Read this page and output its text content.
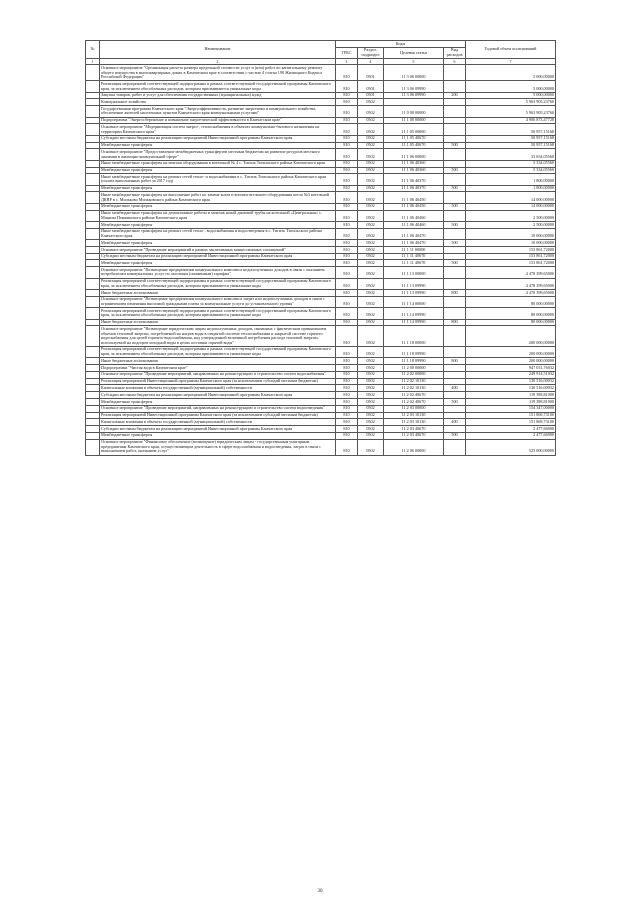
№	Наименование	Коды				Годовой объем ассигнований
		ГРБС	Раздел, подраздел	Целевая статья	Вид расходов	
1	2	3	4	5	6	7
	Основное мероприятие "Организация расчета размера предельной стоимости услуг и (или) работ по капитальному ремонту общего имущества в многоквартирных домах в Камчатском крае в соответствии с частью 4 статьи 190 Жилищного Кодекса Российской Федерации"	810	0501	11 3 06 00000		5 000,00000
	Реализация мероприятий соответствующей подпрограммы в рамках соответствующей государственной программы Камчатского края, за исключением обособленных расходов, которым присваиваются уникальные коды	810	0501	11 3 06 09990		5 000,00000
	Закупка товаров, работ и услуг для обеспечения государственных (муниципальных) нужд	810	0501	11 3 06 09990	200	5 000,00000
	Коммунальное хозяйство	810	0502			5 963 905,23760
	Государственная программа Камчатского края "Энергоэффективность, развитие энергетики и коммунального хозяйства, обеспечение жителей населенных пунктов Камчатского края коммунальными услугами"	810	0502	11 0 00 00000		5 963 905,23760
	Подпрограмма "Энергосбережение и повышение энергетической эффективности в Камчатском крае"	810	0502	11 1 00 00000		4 906 873,47728
	Основное мероприятие "Модернизация систем энерго-, теплоснабжения в объектах коммунально-бытового назначения на территории Камчатского края"	810	0502	11 1 05 00000		50 957,15168
	Субсидии местным бюджетам на реализацию мероприятий Инвестиционной программы Камчатского края	810	0502	11 1 05 40670		50 957,15168
	Межбюджетные трансферты	810	0502	11 1 05 40670	500	50 957,15168
	Основное мероприятие "Предоставление межбюджетных трансфертов местным бюджетам на развитие ресурсов местного значения в жилищно-коммунальной сфере"	810	0502	11 1 06 00000		33 654,05560
	Иные межбюджетные трансферты на монтаж оборудования в котельной № 4 с. Тигиль Тигильского района Камчатского края	810	0502	11 1 06 40360		5 334,05560
	Межбюджетные трансферты	810	0502	11 1 06 40360	500	5 334,05560
	Иные межбюджетные трансферты на ремонт сетей тепло- и водоснабжения в с. Тигиль Тигильского района Камчатского края (оплата выполненных работ за 2017 год)	810	0502	11 1 06 40370		1 800,00000
	Межбюджетные трансферты	810	0502	11 1 06 40370	500	1 800,00000
	Иные межбюджетные трансферты на выполнение работ по замене котла и вспомогательного оборудования котла №3 котельной ДКВР в с. Мильково Мильковского района Камчатского края	810	0502	11 1 06 40450		14 000,00000
	Межбюджетные трансферты	810	0502	11 1 06 40450	500	14 000,00000
	Иные межбюджетные трансферты на демонтажные работы и монтаж новой дымовой трубы на котельной «Центральная» с. Манилы Пенжинского района Камчатского края	810	0502	11 1 06 40460		2 500,00000
	Межбюджетные трансферты	810	0502	11 1 06 40460	500	2 500,00000
	Иные межбюджетные трансферты на ремонт сетей тепло-, водоснабжения и водоотведения в с. Тигиль Тигильского района Камчатского края	810	0502	11 1 06 40470		10 000,00000
	Межбюджетные трансферты	810	0502	11 1 06 40470	500	10 000,00000
	Основное мероприятие "Проведение мероприятий в рамках заключенных концессионных соглашений"	810	0502	11 1 11 00000		153 861,72000
	Субсидии местным бюджетам на реализацию мероприятий Инвестиционной программы Камчатского края	810	0502	11 1 11 40670		153 861,72000
	Межбюджетные трансферты	810	0502	11 1 11 40670	500	153 861,72000
	Основное мероприятие "Возмещение предприятиям коммунального комплекса недополученных доходов в связи с оказанием потребителям коммунальных услуг по льготным (сниженным) тарифам"	810	0502	11 1 13 00000		4 478 399,65000
	Реализация мероприятий соответствующей подпрограммы в рамках соответствующей государственной программы Камчатского края, за исключением обособленных расходов, которым присваиваются уникальные коды	810	0502	11 1 13 09990		4 478 399,65000
	Иные бюджетные ассигнования	810	0502	11 1 13 09990	800	4 478 399,65000
	Основное мероприятие "Возмещение предприятиям коммунального комплекса затрат или недополученных доходов в связи с ограничением изменения вносимой гражданами платы за коммунальные услуги до установленного уровня"	810	0502	11 1 14 00000		80 000,00000
	Реализация мероприятий соответствующей подпрограммы в рамках соответствующей государственной программы Камчатского края, за исключением обособленных расходов, которым присваиваются уникальные коды	810	0502	11 1 14 09990		80 000,00000
	Иные бюджетные ассигнования	810	0502	11 1 14 09990	800	80 000,00000
	Основное мероприятие "Возмещение юридическим лицам недополученных доходов, связанных с фактическим превышением объемов тепловой энергии, потребляемой на нагрев воды в открытой системе теплоснабжения и закрытой системе горячего водоснабжения для целей горячего водоснабжения, над утвержденной величиной потребления расхода тепловой энергии, используемой на подогрев холодной воды в целях поставки горячей воды"	810	0502	11 1 18 00000		200 000,00000
	Реализация мероприятий соответствующей подпрограммы в рамках соответствующей государственной программы Камчатского края, за исключением обособленных расходов, которым присваиваются уникальные коды	810	0502	11 1 18 09990		200 000,00000
	Иные бюджетные ассигнования	810	0502	11 1 18 09990	800	200 000,00000
	Подпрограмма "Чистая вода в Камчатском крае"	810	0502	11 2 00 00000		947 031,76032
	Основное мероприятие "Проведение мероприятий, направленных на реконструкцию и строительство систем водоснабжения"	810	0502	11 2 02 00000		249 914,51032
	Реализация мероприятий Инвестиционной программы Камчатского края (за исключением субсидий местным бюджетам)	810	0502	11 2 02 10130		130 516,00032
	Капитальные вложения в объекты государственной (муниципальной) собственности	810	0502	11 2 02 10130	400	130 516,00032
	Субсидии местным бюджетам на реализацию мероприятий Инвестиционной программы Камчатского края	810	0502	11 2 02 40670		119 398,81000
	Межбюджетные трансферты	810	0502	11 2 02 40670	500	119 398,81000
	Основное мероприятие "Проведение мероприятий, направленных на реконструкцию и строительство систем водоотведения"	810	0502	11 2 03 00000		154 347,00000
	Реализация мероприятий Инвестиционной программы Камчатского края (за исключением субсидий местным бюджетам)	810	0502	11 2 03 10130		151 869,73100
	Капитальные вложения в объекты государственной (муниципальной) собственности	810	0502	11 2 03 10130	400	151 869,73100
	Субсидии местным бюджетам на реализацию мероприятий Инвестиционной программы Камчатского края	810	0502	11 2 03 40670		2 477,66900
	Межбюджетные трансферты	810	0502	11 2 03 40670	500	2 477,66900
	Основное мероприятие "Финансовое обеспечение (возмещение) юридическим лицам - государственным унитарным предприятиям Камчатского края, осуществляющим деятельность в сфере водоснабжения и водоотведения, затрат в связи с выполнением работ, оказанием услуг"	810	0502	11 2 06 00000		525 000,00000
30
